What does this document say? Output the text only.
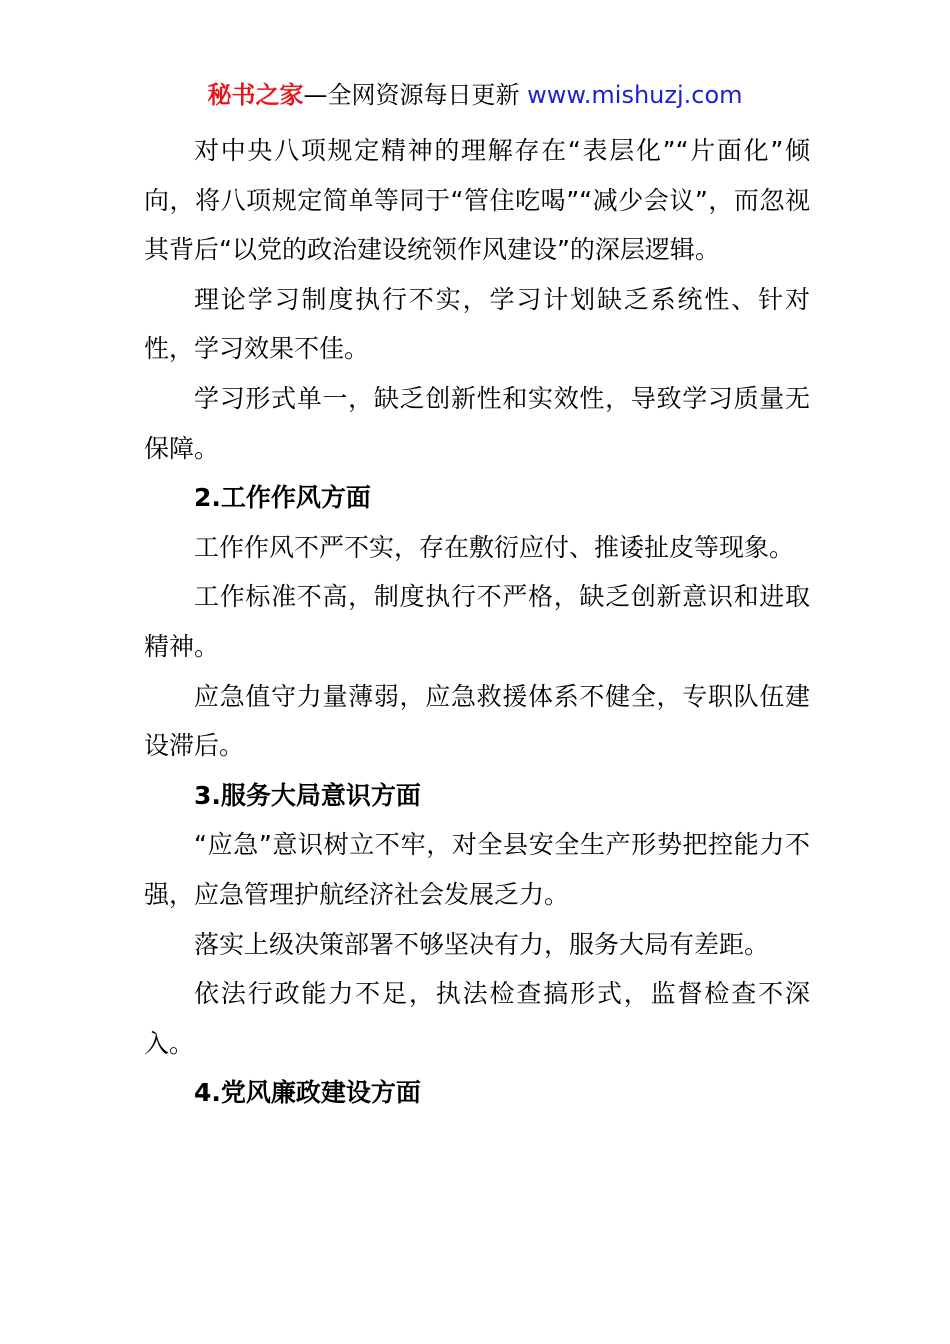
秘书之家—全网资源每日更新 www.mishuzj.com

对中央八项规定精神的理解存在“表层化”“片面化”倾向，将八项规定简单等同于“管住吃喝”“减少会议”，而忽视其背后“以党的政治建设统领作风建设”的深层逻辑。

理论学习制度执行不实，学习计划缺乏系统性、针对性，学习效果不佳。

学习形式单一，缺乏创新性和实效性，导致学习质量无保障。

2.工作作风方面

工作作风不严不实，存在敷衍应付、推诿扯皮等现象。

工作标准不高，制度执行不严格，缺乏创新意识和进取精神。

应急值守力量薄弱，应急救援体系不健全，专职队伍建设滞后。

3.服务大局意识方面

“应急”意识树立不牢，对全县安全生产形势把控能力不强，应急管理护航经济社会发展乏力。

落实上级决策部署不够坚决有力，服务大局有差距。

依法行政能力不足，执法检查搞形式，监督检查不深入。

4.党风廉政建设方面
